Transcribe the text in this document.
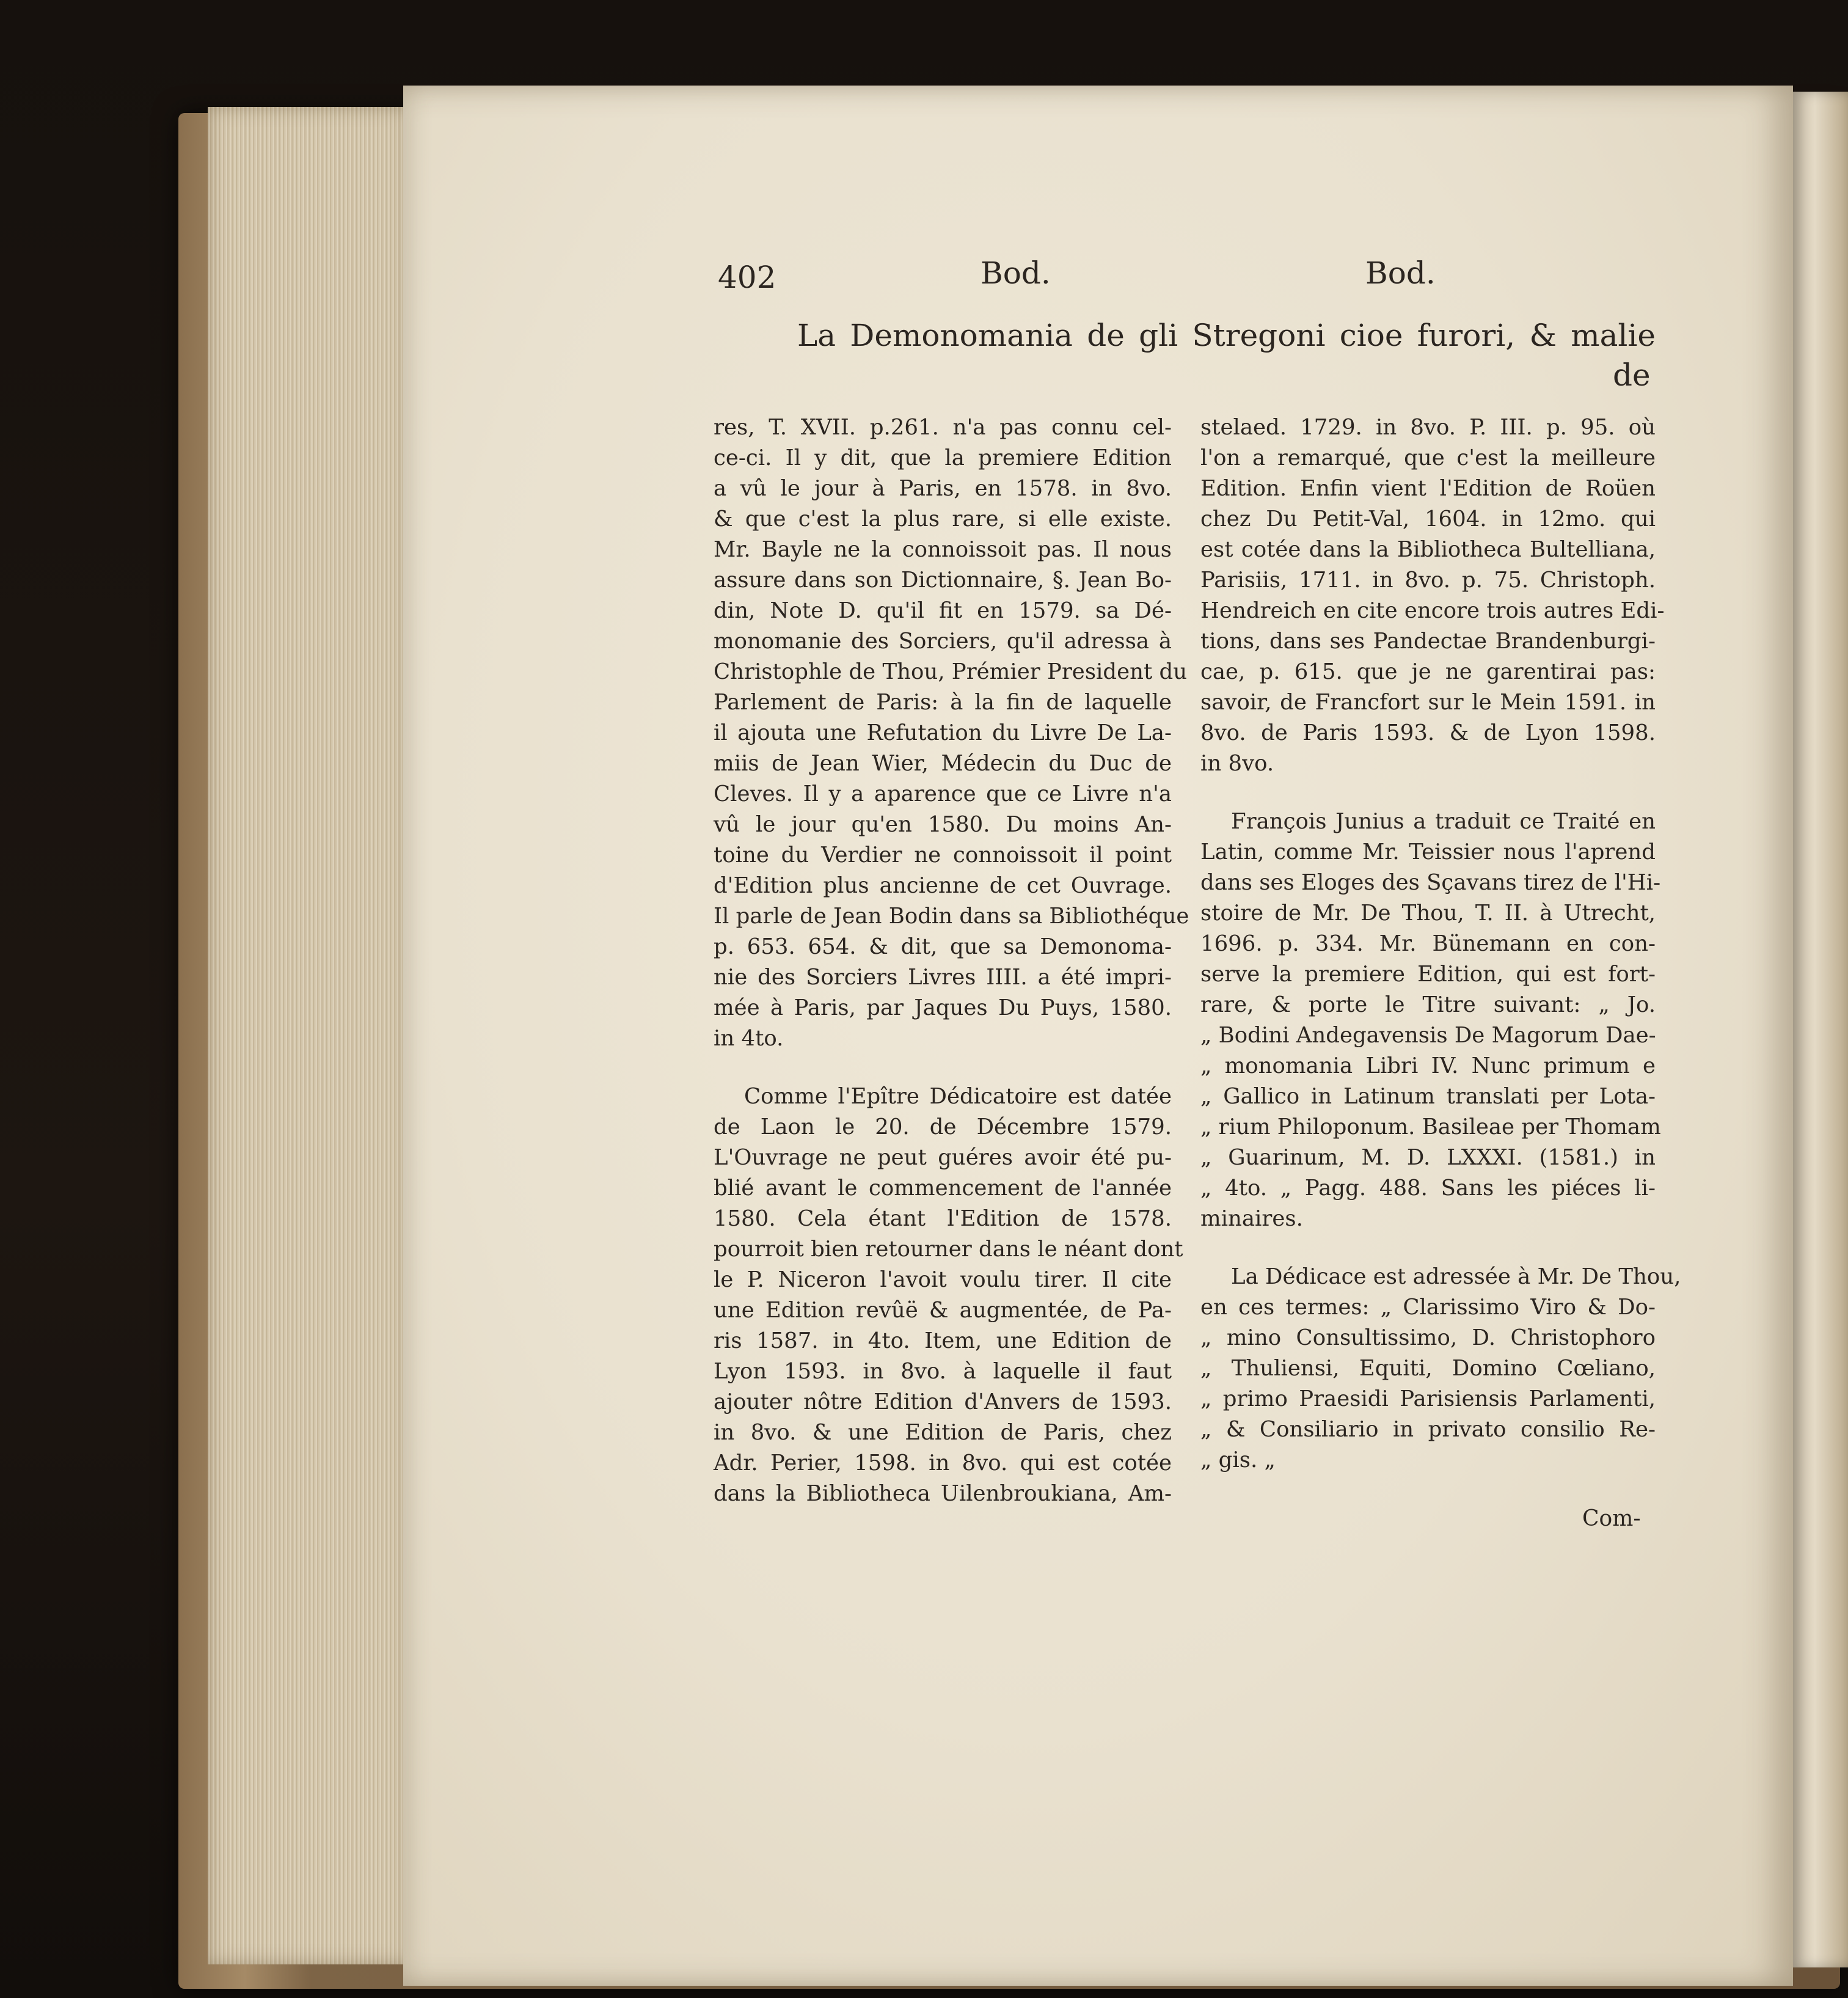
402	Bod.	Bod.
La Demonomania de gli Stregoni cioe furori, & malie
de
res, T. XVII. p.261. n'a pas connu cel-
ce-ci. Il y dit, que la premiere Edition
a vû le jour à Paris, en 1578. in 8vo.
& que c'est la plus rare, si elle existe.
Mr. Bayle ne la connoissoit pas. Il nous
assure dans son Dictionnaire, §. Jean Bo-
din, Note D. qu'il fit en 1579. sa Dé-
monomanie des Sorciers, qu'il adressa à
Christophle de Thou, Prémier President du
Parlement de Paris: à la fin de laquelle
il ajouta une Refutation du Livre De La-
miis de Jean Wier, Médecin du Duc de
Cleves. Il y a aparence que ce Livre n'a
vû le jour qu'en 1580. Du moins An-
toine du Verdier ne connoissoit il point
d'Edition plus ancienne de cet Ouvrage.
Il parle de Jean Bodin dans sa Bibliothéque
p. 653. 654. & dit, que sa Demonoma-
nie des Sorciers Livres IIII. a été impri-
mée à Paris, par Jaques Du Puys, 1580.
in 4to.
Comme l'Epître Dédicatoire est datée
de Laon le 20. de Décembre 1579.
L'Ouvrage ne peut guéres avoir été pu-
blié avant le commencement de l'année
1580. Cela étant l'Edition de 1578.
pourroit bien retourner dans le néant dont
le P. Niceron l'avoit voulu tirer. Il cite
une Edition revûë & augmentée, de Pa-
ris 1587. in 4to. Item, une Edition de
Lyon 1593. in 8vo. à laquelle il faut
ajouter nôtre Edition d'Anvers de 1593.
in 8vo. & une Edition de Paris, chez
Adr. Perier, 1598. in 8vo. qui est cotée
dans la Bibliotheca Uilenbroukiana, Am-
stelaed. 1729. in 8vo. P. III. p. 95. où
l'on a remarqué, que c'est la meilleure
Edition. Enfin vient l'Edition de Roüen
chez Du Petit-Val, 1604. in 12mo. qui
est cotée dans la Bibliotheca Bultelliana,
Parisiis, 1711. in 8vo. p. 75. Christoph.
Hendreich en cite encore trois autres Edi-
tions, dans ses Pandectae Brandenburgi-
cae, p. 615. que je ne garentirai pas:
savoir, de Francfort sur le Mein 1591. in
8vo. de Paris 1593. & de Lyon 1598.
in 8vo.
François Junius a traduit ce Traité en
Latin, comme Mr. Teissier nous l'aprend
dans ses Eloges des Sçavans tirez de l'Hi-
stoire de Mr. De Thou, T. II. à Utrecht,
1696. p. 334. Mr. Bünemann en con-
serve la premiere Edition, qui est fort-
rare, & porte le Titre suivant: „ Jo.
„ Bodini Andegavensis De Magorum Dae-
„ monomania Libri IV. Nunc primum e
„ Gallico in Latinum translati per Lota-
„ rium Philoponum. Basileae per Thomam
„ Guarinum, M. D. LXXXI. (1581.) in
„ 4to. „ Pagg. 488. Sans les piéces li-
minaires.
La Dédicace est adressée à Mr. De Thou,
en ces termes: „ Clarissimo Viro & Do-
„ mino Consultissimo, D. Christophoro
„ Thuliensi, Equiti, Domino Cœliano,
„ primo Praesidi Parisiensis Parlamenti,
„ & Consiliario in privato consilio Re-
„ gis. „
Com-
